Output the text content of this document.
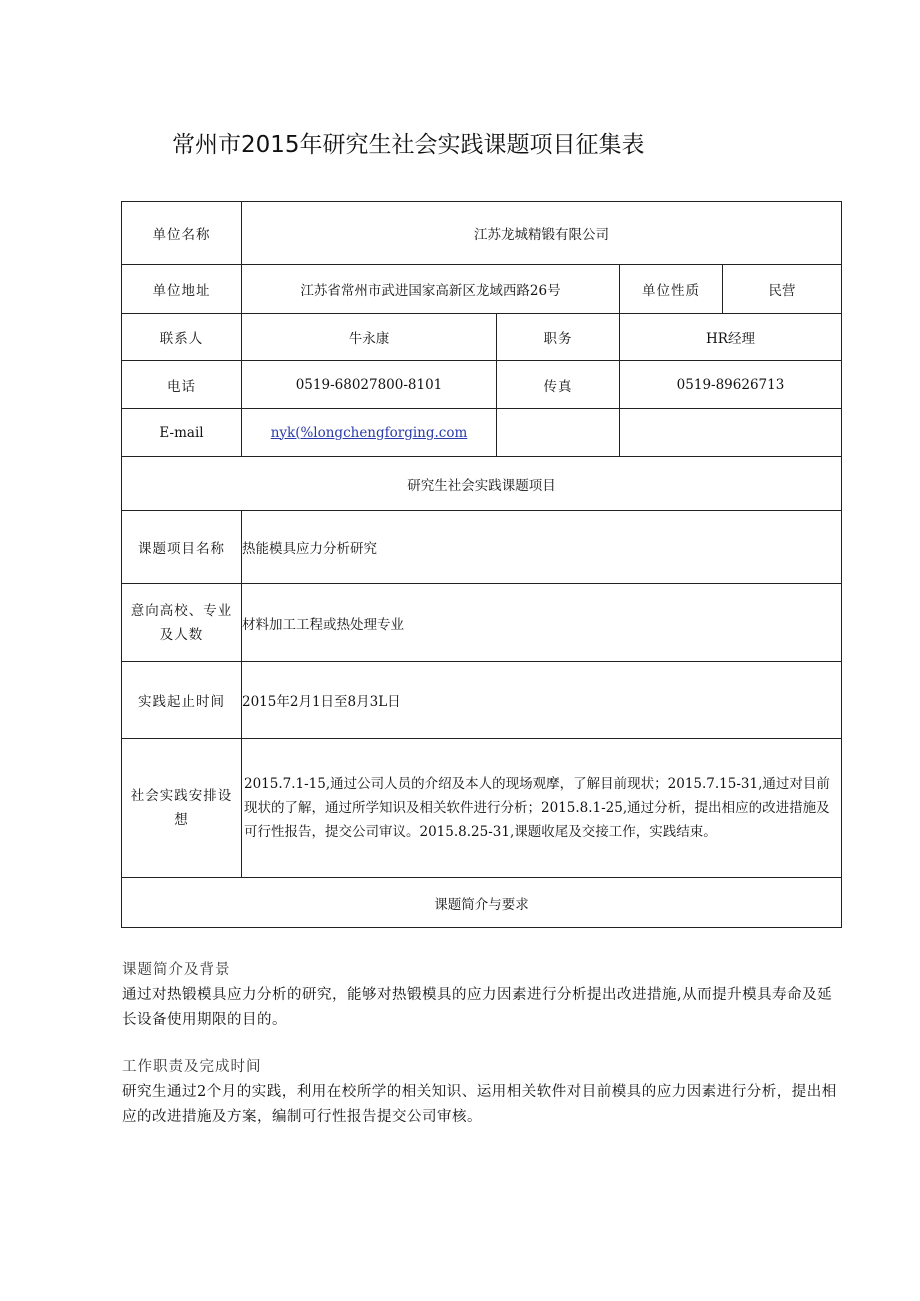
常州市2015年研究生社会实践课题项目征集表
单位名称	江苏龙城精锻有限公司			
单位地址	江苏省常州市武进国家高新区龙域西路26号		单位性质	民营
联系人	牛永康	职务	HR经理	
电话	0519-68027800-8101	传真	0519-89626713	
E-mail	nyk(%longchengforging.com			
研究生社会实践课题项目				
课题项目名称	热能模具应力分析研究			

意向高校、专业
及人数	材料加工工程或热处理专业			
实践起止时间	2015年2月1日至8月3L日			

社会实践安排设
想	2015.7.1-15,通过公司人员的介绍及本人的现场观摩，了解目前现状；2015.7.15-31,通过对目前现状的了解，通过所学知识及相关软件进行分析；2015.8.1-25,通过分析，提出相应的改进措施及可行性报告，提交公司审议。2015.8.25-31,课题收尾及交接工作，实践结束。			

课题简介与要求				
课题简介及背景
通过对热锻模具应力分析的研究，能够对热锻模具的应力因素进行分析提出改进措施,从而提升模具寿命及延长设备使用期限的目的。
工作职责及完成时间
研究生通过2个月的实践，利用在校所学的相关知识、运用相关软件对目前模具的应力因素进行分析，提出相应的改进措施及方案，编制可行性报告提交公司审核。
